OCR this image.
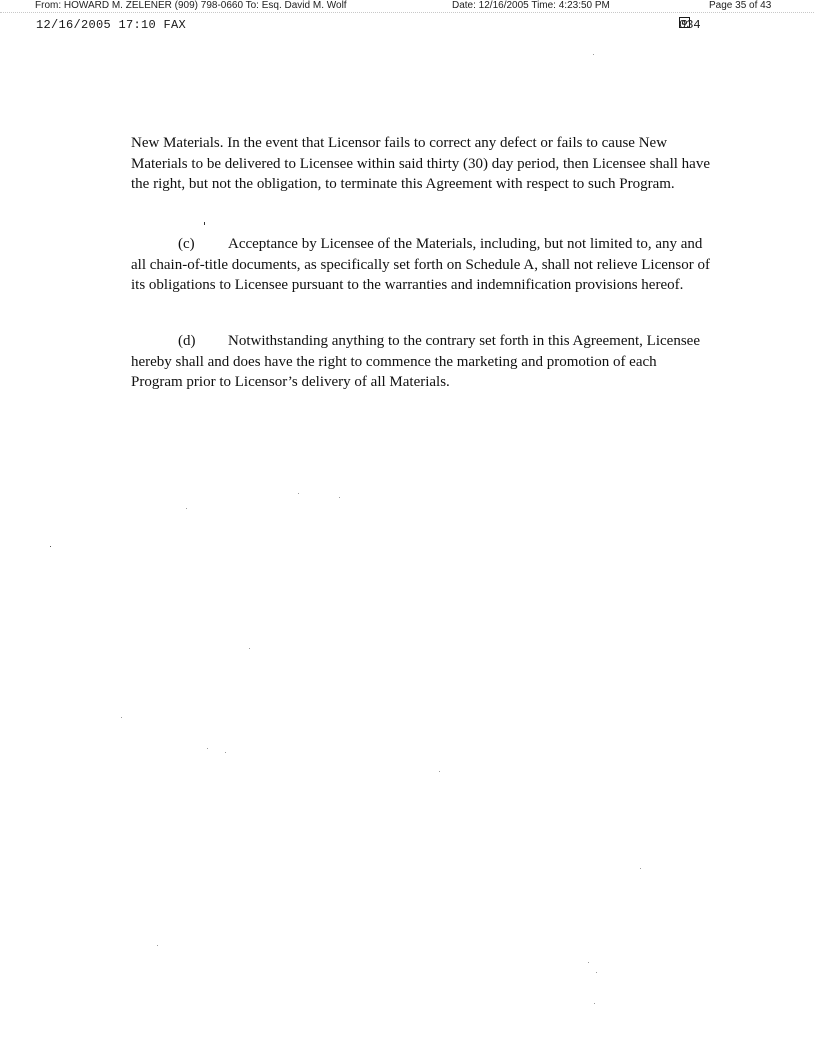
From: HOWARD M. ZELENER (909) 798-0660 To: Esq. David M. Wolf	Date: 12/16/2005 Time: 4:23:50 PM	Page 35 of 43
12/16/2005 17:10 FAX	034

New Materials. In the event that Licensor fails to correct any defect or fails to cause New Materials to be delivered to Licensee within said thirty (30) day period, then Licensee shall have the right, but not the obligation, to terminate this Agreement with respect to such Program.

(c) Acceptance by Licensee of the Materials, including, but not limited to, any and all chain-of-title documents, as specifically set forth on Schedule A, shall not relieve Licensor of its obligations to Licensee pursuant to the warranties and indemnification provisions hereof.

(d) Notwithstanding anything to the contrary set forth in this Agreement, Licensee hereby shall and does have the right to commence the marketing and promotion of each Program prior to Licensor’s delivery of all Materials.
